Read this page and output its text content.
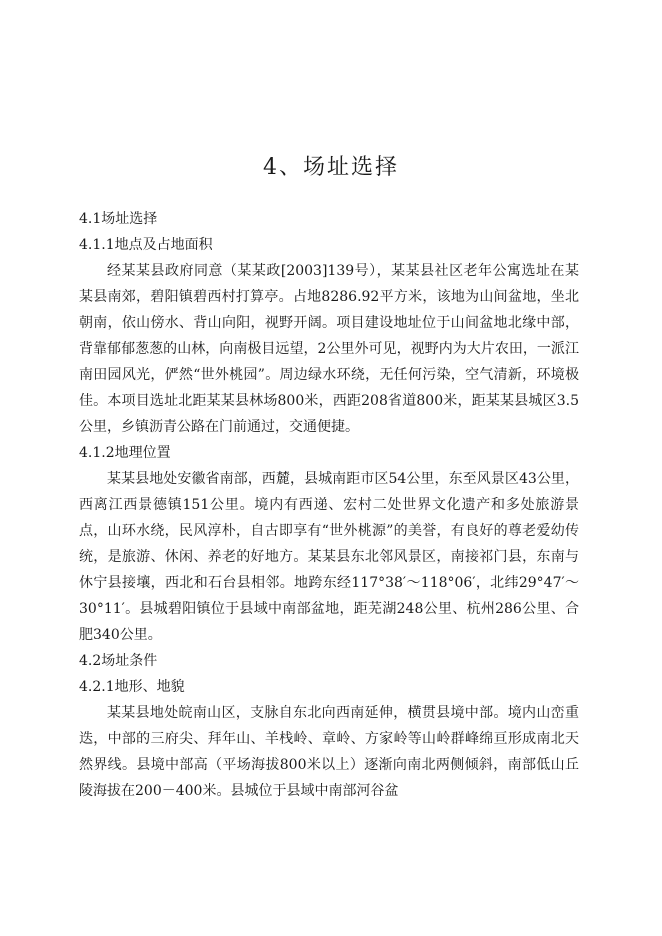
4、场址选择

4.1场址选择

4.1.1地点及占地面积

经某某县政府同意（某某政[2003]139号），某某县社区老年公寓选址在某某县南郊，碧阳镇碧西村打算亭。占地8286.92平方米，该地为山间盆地，坐北朝南，依山傍水、背山向阳，视野开阔。项目建设地址位于山间盆地北缘中部，背靠郁郁葱葱的山林，向南极目远望，2公里外可见，视野内为大片农田，一派江南田园风光，俨然“世外桃园”。周边绿水环绕，无任何污染，空气清新，环境极佳。本项目选址北距某某县林场800米，西距208省道800米，距某某县城区3.5公里，乡镇沥青公路在门前通过，交通便捷。

4.1.2地理位置

某某县地处安徽省南部，西麓，县城南距市区54公里，东至风景区43公里，西离江西景德镇151公里。境内有西递、宏村二处世界文化遗产和多处旅游景点，山环水绕，民风淳朴，自古即享有“世外桃源”的美誉，有良好的尊老爱幼传统，是旅游、休闲、养老的好地方。某某县东北邻风景区，南接祁门县，东南与休宁县接壤，西北和石台县相邻。地跨东经117°38′～118°06′，北纬29°47′～30°11′。县城碧阳镇位于县域中南部盆地，距芜湖248公里、杭州286公里、合肥340公里。

4.2场址条件

4.2.1地形、地貌

某某县地处皖南山区，支脉自东北向西南延伸，横贯县境中部。境内山峦重迭，中部的三府尖、拜年山、羊栈岭、章岭、方家岭等山岭群峰绵亘形成南北天然界线。县境中部高（平场海拔800米以上）逐渐向南北两侧倾斜，南部低山丘陵海拔在200－400米。县城位于县域中南部河谷盆
